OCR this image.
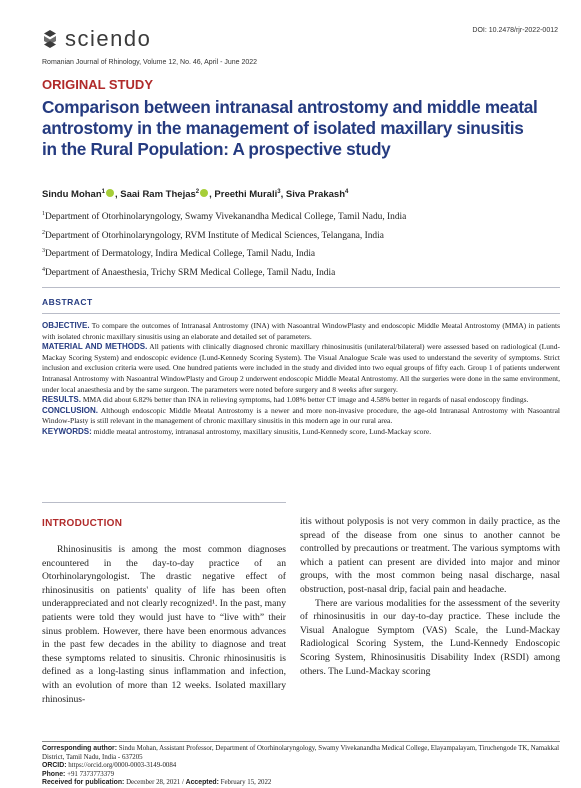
sciendo	DOI: 10.2478/rjr-2022-0012
Romanian Journal of Rhinology, Volume 12, No. 46, April - June 2022
ORIGINAL STUDY
Comparison between intranasal antrostomy and middle meatal antrostomy in the management of isolated maxillary sinusitis in the Rural Population: A prospective study
Sindu Mohan$^1$ , Saai Ram Thejas$^2$ , Preethi Murali$^3$, Siva Prakash$^4$
$^1$Department of Otorhinolaryngology, Swamy Vivekanandha Medical College, Tamil Nadu, India
$^2$Department of Otorhinolaryngology, RVM Institute of Medical Sciences, Telangana, India
$^3$Department of Dermatology, Indira Medical College, Tamil Nadu, India
$^4$Department of Anaesthesia, Trichy SRM Medical College, Tamil Nadu, India
ABSTRACT

OBJECTIVE. To compare the outcomes of Intranasal Antrostomy (INA) with Nasoantral WindowPlasty and endoscopic Middle Meatal Antrostomy (MMA) in patients with isolated chronic maxillary sinusitis using an elaborate and detailed set of parameters.

MATERIAL AND METHODS. All patients with clinically diagnosed chronic maxillary rhinosinusitis (unilateral/bilateral) were assessed based on radiological (Lund-Mackay Scoring System) and endoscopic evidence (Lund-Kennedy Scoring System). The Visual Analogue Scale was used to understand the severity of symptoms. Strict inclusion and exclusion criteria were used. One hundred patients were included in the study and divided into two equal groups of fifty each. Group 1 of patients underwent Intranasal Antrostomy with Nasoantral WindowPlasty and Group 2 underwent endoscopic Middle Meatal Antrostomy. All the surgeries were done in the same environment, under local anaesthesia and by the same surgeon. The parameters were noted before surgery and 8 weeks after surgery.

RESULTS. MMA did about 6.82% better than INA in relieving symptoms, had 1.08% better CT image and 4.58% better in regards of nasal endoscopy findings.

CONCLUSION. Although endoscopic Middle Meatal Antrostomy is a newer and more non-invasive procedure, the age-old Intranasal Antrostomy with Nasoantral Window-Plasty is still relevant in the management of chronic maxillary sinusitis in this modern age in our rural area.

KEYWORDS: middle meatal antrostomy, intranasal antrostomy, maxillary sinusitis, Lund-Kennedy score, Lund-Mackay score.

INTRODUCTION

Rhinosinusitis is among the most common diagnoses encountered in the day-to-day practice of an Otorhinolaryngologist. The drastic negative effect of rhinosinusitis on patients' quality of life has been often underappreciated and not clearly recognized¹. In the past, many patients were told they would just have to “live with” their sinus problem. However, there have been enormous advances in the past few decades in the ability to diagnose and treat these symptoms related to sinusitis. Chronic rhinosinusitis is defined as a long-lasting sinus inflammation and infection, with an evolution of more than 12 weeks. Isolated maxillary rhinosinus-

itis without polyposis is not very common in daily practice, as the spread of the disease from one sinus to another cannot be controlled by precautions or treatment. The various symptoms with which a patient can present are divided into major and minor groups, with the most common being nasal discharge, nasal obstruction, post-nasal drip, facial pain and headache.

There are various modalities for the assessment of the severity of rhinosinusitis in our day-to-day practice. These include the Visual Analogue Symptom (VAS) Scale, the Lund-Mackay Radiological Scoring System, the Lund-Kennedy Endoscopic Scoring System, Rhinosinusitis Disability Index (RSDI) among others. The Lund-Mackay scoring

Corresponding author: Sindu Mohan, Assistant Professor, Department of Otorhinolaryngology, Swamy Vivekanandha Medical College, Elayampalayam, Tiruchengode TK, Namakkal District, Tamil Nadu, India - 637205
ORCID: https://orcid.org/0000-0003-3149-0084
Phone: +91 7373773379
Received for publication: December 28, 2021 / Accepted: February 15, 2022
